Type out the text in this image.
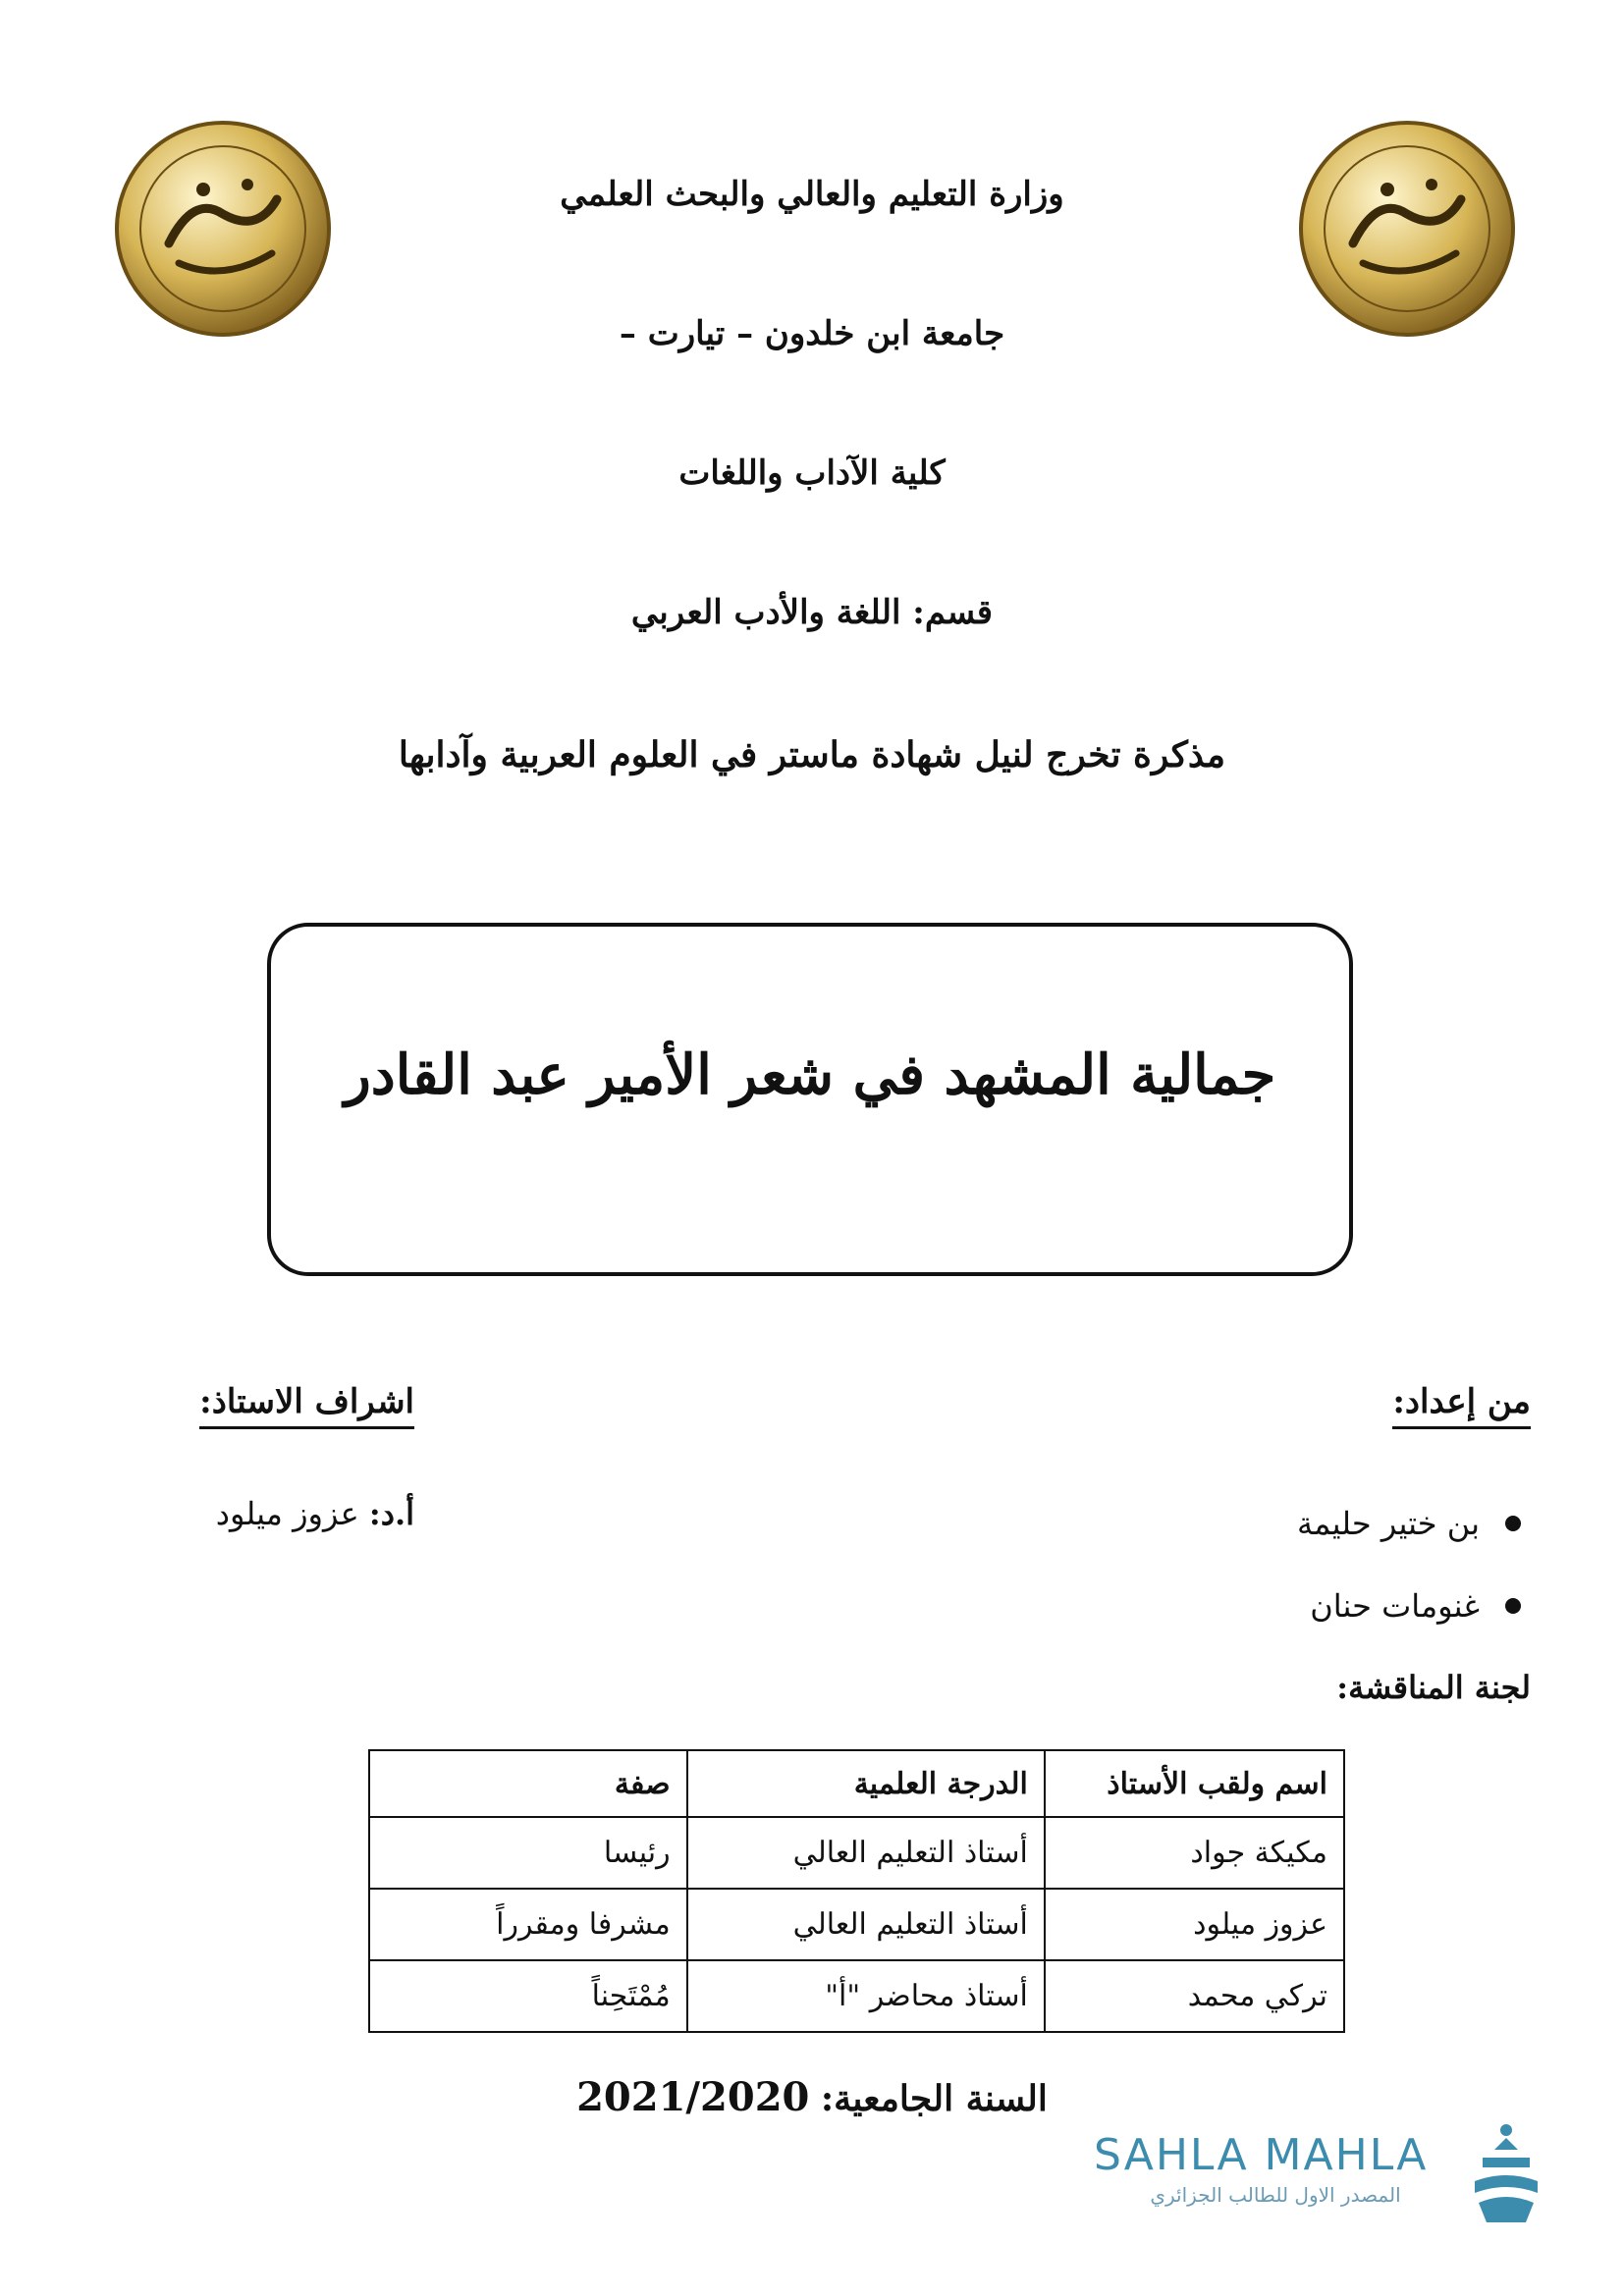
وزارة التعليم والعالي والبحث العلمي
جامعة ابن خلدون – تيارت –
كلية الآداب واللغات
قسم: اللغة والأدب العربي
مذكرة تخرج لنيل شهادة ماستر في العلوم العربية وآدابها
جمالية المشهد في شعر الأمير عبد القادر
من إعداد:
بن ختير حليمة
غنومات حنان
اشراف الاستاذ:
أ.د: عزوز ميلود
لجنة المناقشة:
اسم ولقب الأستاذ	الدرجة العلمية	صفة
مكيكة جواد	أستاذ التعليم العالي	رئيسا
عزوز ميلود	أستاذ التعليم العالي	مشرفا ومقرراً
تركي محمد	أستاذ محاضر "أ"	مُمْتَحِناً
السنة الجامعية: 2021/2020
SAHLA MAHLA
المصدر الاول للطالب الجزائري
